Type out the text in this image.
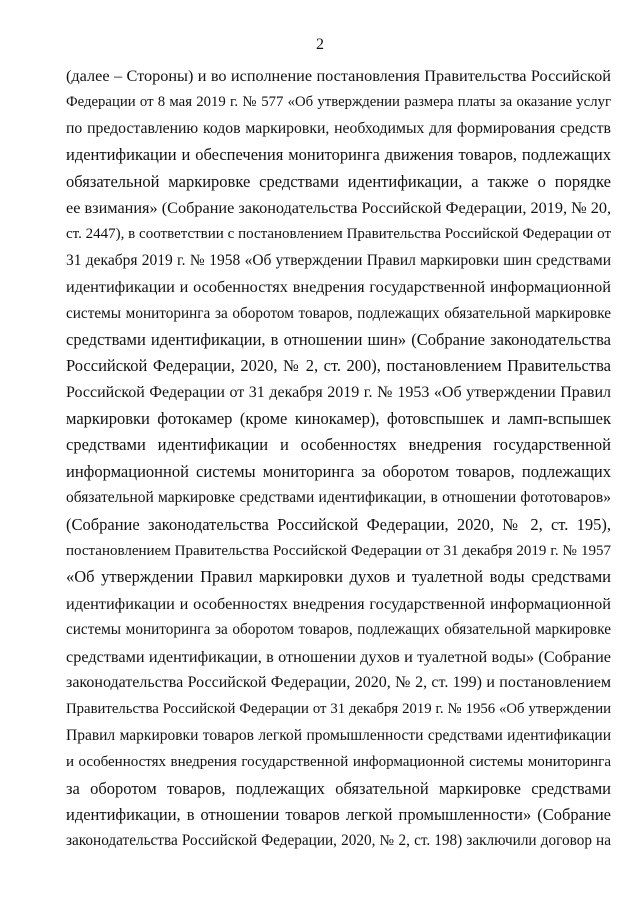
2
(далее – Стороны) и во исполнение постановления Правительства Российской
Федерации от 8 мая 2019 г. № 577 «Об утверждении размера платы за оказание услуг
по предоставлению кодов маркировки, необходимых для формирования средств
идентификации и обеспечения мониторинга движения товаров, подлежащих
обязательной маркировке средствами идентификации, а также о порядке
ее взимания» (Собрание законодательства Российской Федерации, 2019, № 20,
ст. 2447), в соответствии с постановлением Правительства Российской Федерации от
31 декабря 2019 г. № 1958 «Об утверждении Правил маркировки шин средствами
идентификации и особенностях внедрения государственной информационной
системы мониторинга за оборотом товаров, подлежащих обязательной маркировке
средствами идентификации, в отношении шин» (Собрание законодательства
Российской Федерации, 2020, № 2, ст. 200), постановлением Правительства
Российской Федерации от 31 декабря 2019 г. № 1953 «Об утверждении Правил
маркировки фотокамер (кроме кинокамер), фотовспышек и ламп-вспышек
средствами идентификации и особенностях внедрения государственной
информационной системы мониторинга за оборотом товаров, подлежащих
обязательной маркировке средствами идентификации, в отношении фототоваров»
(Собрание законодательства Российской Федерации, 2020, № 2, ст. 195),
постановлением Правительства Российской Федерации от 31 декабря 2019 г. № 1957
«Об утверждении Правил маркировки духов и туалетной воды средствами
идентификации и особенностях внедрения государственной информационной
системы мониторинга за оборотом товаров, подлежащих обязательной маркировке
средствами идентификации, в отношении духов и туалетной воды» (Собрание
законодательства Российской Федерации, 2020, № 2, ст. 199) и постановлением
Правительства Российской Федерации от 31 декабря 2019 г. № 1956 «Об утверждении
Правил маркировки товаров легкой промышленности средствами идентификации
и особенностях внедрения государственной информационной системы мониторинга
за оборотом товаров, подлежащих обязательной маркировке средствами
идентификации, в отношении товаров легкой промышленности» (Собрание
законодательства Российской Федерации, 2020, № 2, ст. 198) заключили договор на
